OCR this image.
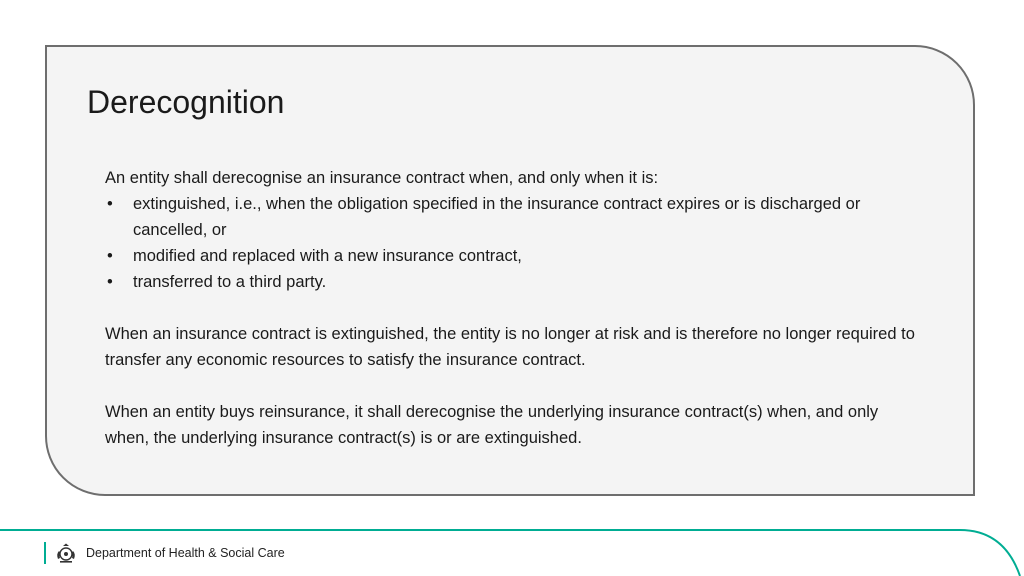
Derecognition

An entity shall derecognise an insurance contract when, and only when it is:

• extinguished, i.e., when the obligation specified in the insurance contract expires or is discharged or cancelled, or
• modified and replaced with a new insurance contract,
• transferred to a third party.

When an insurance contract is extinguished, the entity is no longer at risk and is therefore no longer required to transfer any economic resources to satisfy the insurance contract.

When an entity buys reinsurance, it shall derecognise the underlying insurance contract(s) when, and only when, the underlying insurance contract(s) is or are extinguished.

Department of Health & Social Care
